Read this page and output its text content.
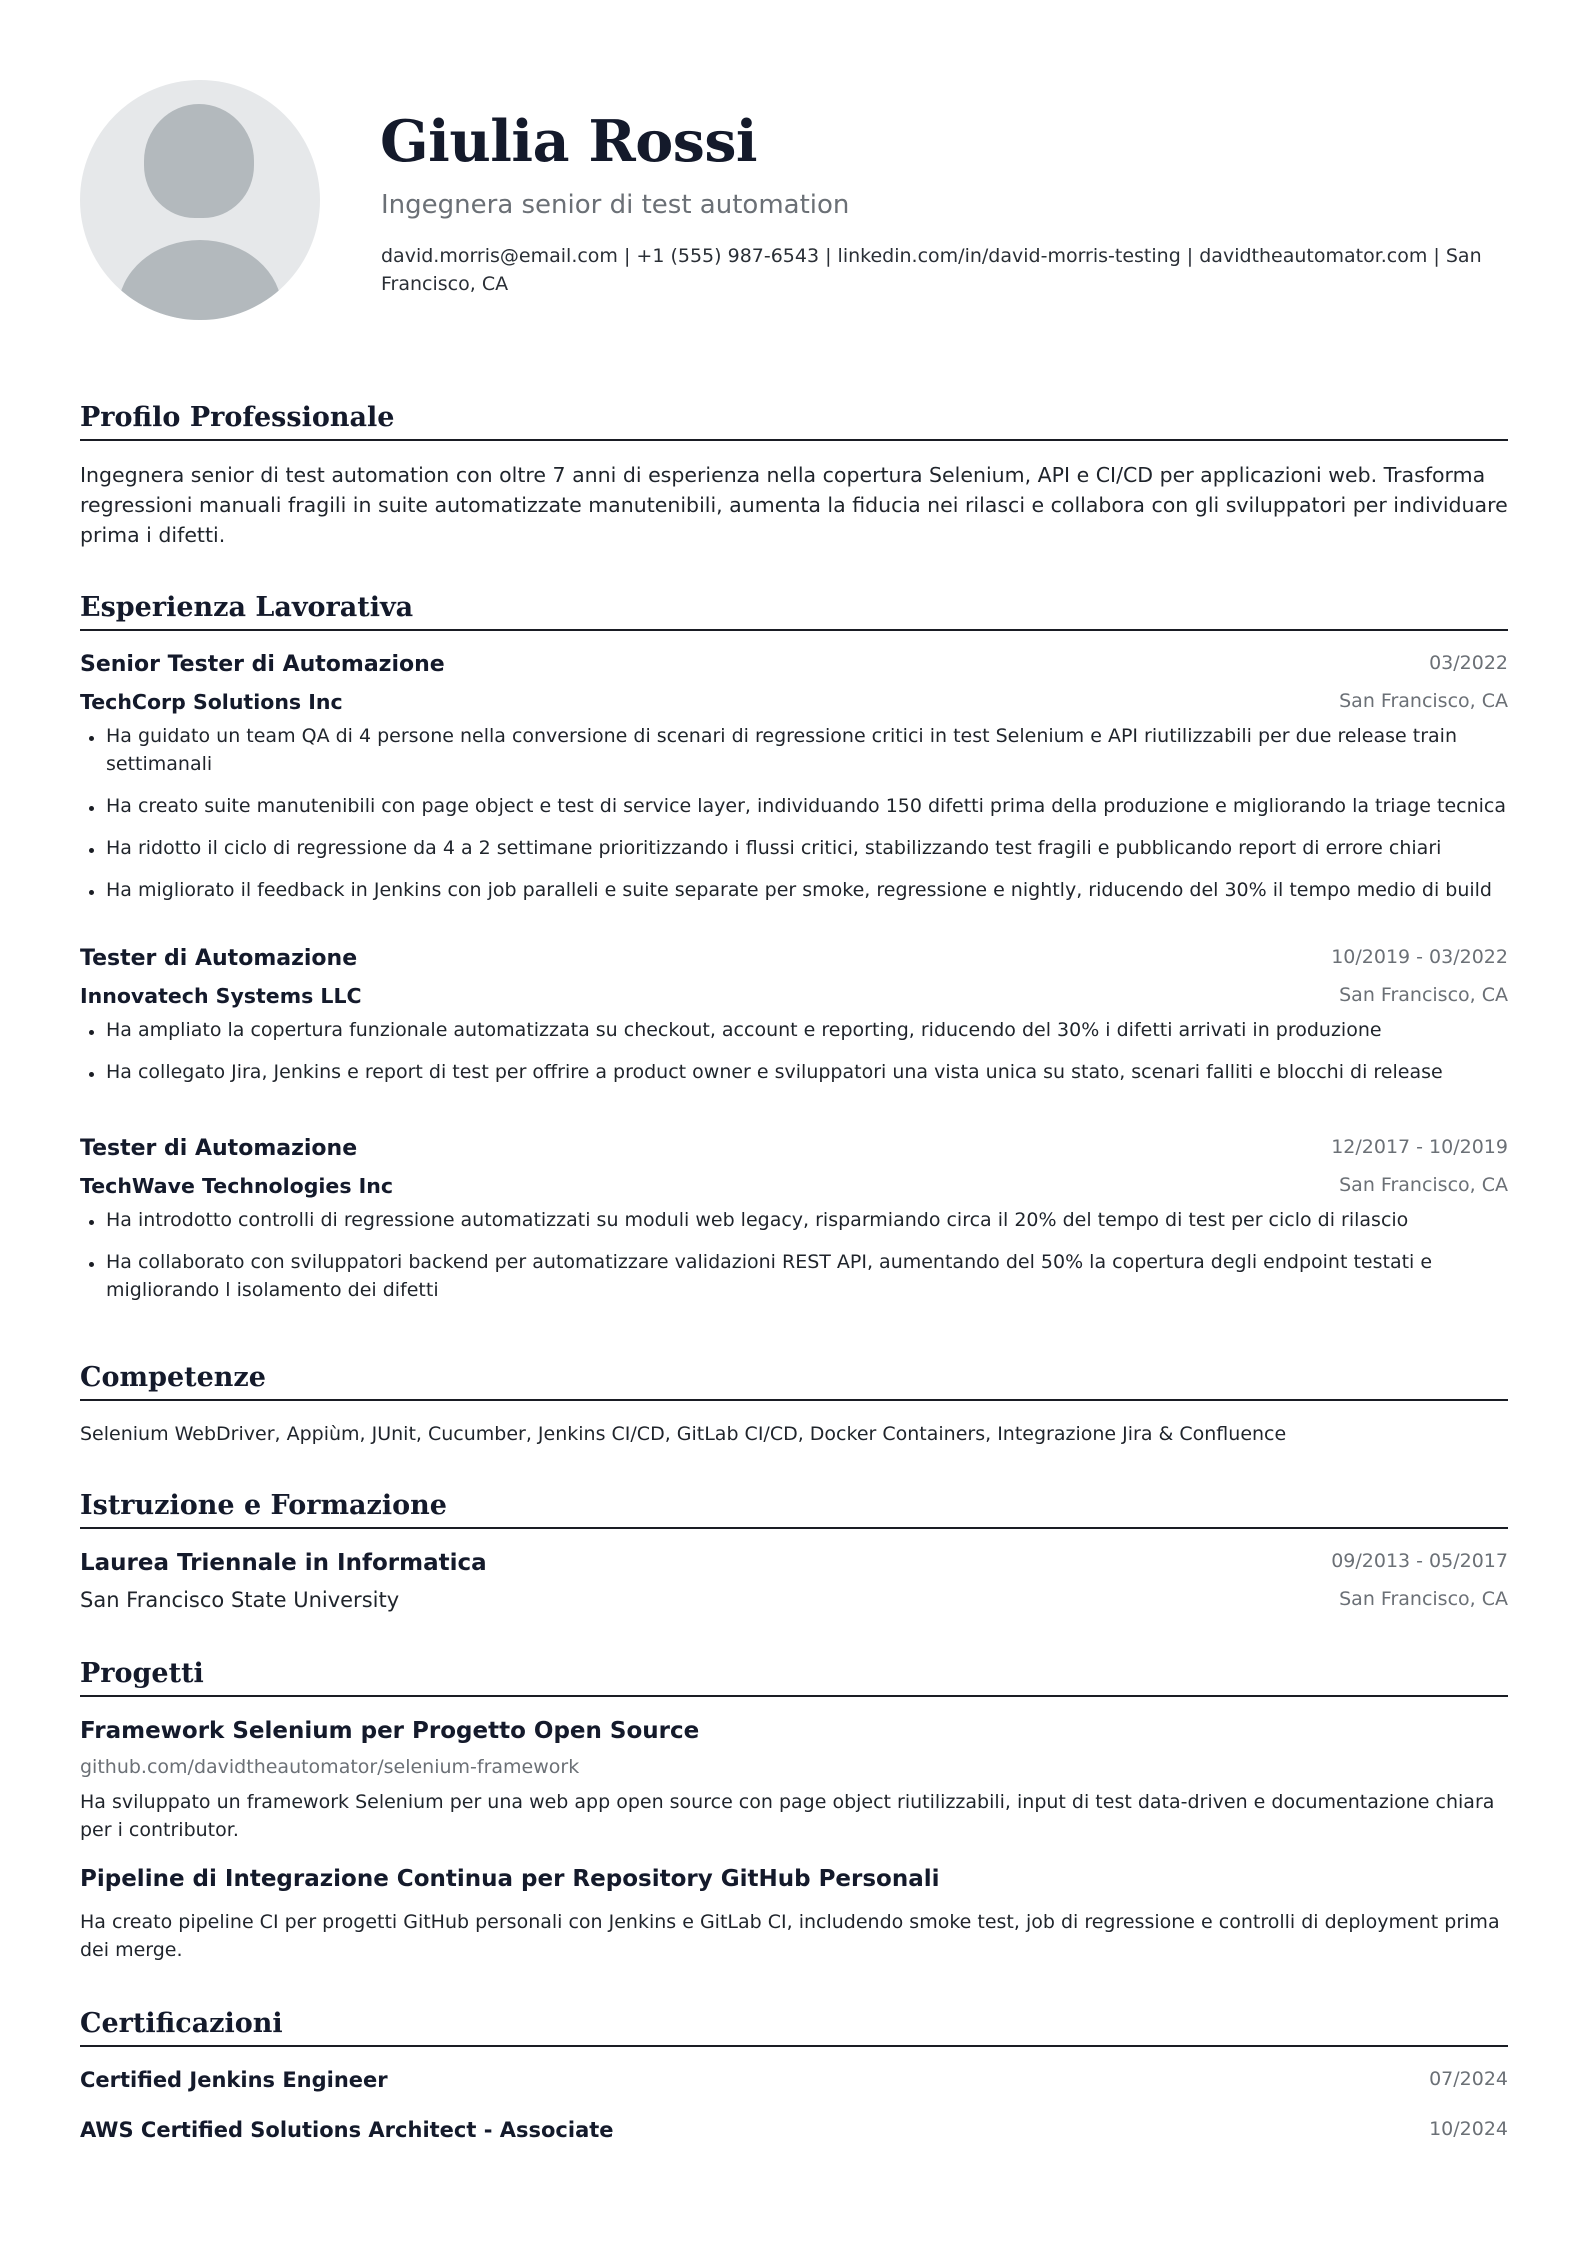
Giulia Rossi
Ingegnera senior di test automation
david.morris@email.com | +1 (555) 987-6543 | linkedin.com/in/david-morris-testing | davidtheautomator.com | San Francisco, CA
Profilo Professionale
Ingegnera senior di test automation con oltre 7 anni di esperienza nella copertura Selenium, API e CI/CD per applicazioni web. Trasforma regressioni manuali fragili in suite automatizzate manutenibili, aumenta la fiducia nei rilasci e collabora con gli sviluppatori per individuare prima i difetti.
Esperienza Lavorativa
Senior Tester di Automazione	03/2022
TechCorp Solutions Inc	San Francisco, CA
Ha guidato un team QA di 4 persone nella conversione di scenari di regressione critici in test Selenium e API riutilizzabili per due release train settimanali
Ha creato suite manutenibili con page object e test di service layer, individuando 150 difetti prima della produzione e migliorando la triage tecnica
Ha ridotto il ciclo di regressione da 4 a 2 settimane prioritizzando i flussi critici, stabilizzando test fragili e pubblicando report di errore chiari
Ha migliorato il feedback in Jenkins con job paralleli e suite separate per smoke, regressione e nightly, riducendo del 30% il tempo medio di build
Tester di Automazione	10/2019 - 03/2022
Innovatech Systems LLC	San Francisco, CA
Ha ampliato la copertura funzionale automatizzata su checkout, account e reporting, riducendo del 30% i difetti arrivati in produzione
Ha collegato Jira, Jenkins e report di test per offrire a product owner e sviluppatori una vista unica su stato, scenari falliti e blocchi di release
Tester di Automazione	12/2017 - 10/2019
TechWave Technologies Inc	San Francisco, CA
Ha introdotto controlli di regressione automatizzati su moduli web legacy, risparmiando circa il 20% del tempo di test per ciclo di rilascio
Ha collaborato con sviluppatori backend per automatizzare validazioni REST API, aumentando del 50% la copertura degli endpoint testati e migliorando l isolamento dei difetti
Competenze
Selenium WebDriver, Appiùm, JUnit, Cucumber, Jenkins CI/CD, GitLab CI/CD, Docker Containers, Integrazione Jira & Confluence
Istruzione e Formazione
Laurea Triennale in Informatica	09/2013 - 05/2017
San Francisco State University	San Francisco, CA
Progetti
Framework Selenium per Progetto Open Source
github.com/davidtheautomator/selenium-framework
Ha sviluppato un framework Selenium per una web app open source con page object riutilizzabili, input di test data-driven e documentazione chiara per i contributor.
Pipeline di Integrazione Continua per Repository GitHub Personali
Ha creato pipeline CI per progetti GitHub personali con Jenkins e GitLab CI, includendo smoke test, job di regressione e controlli di deployment prima dei merge.
Certificazioni
Certified Jenkins Engineer	07/2024
AWS Certified Solutions Architect - Associate	10/2024
